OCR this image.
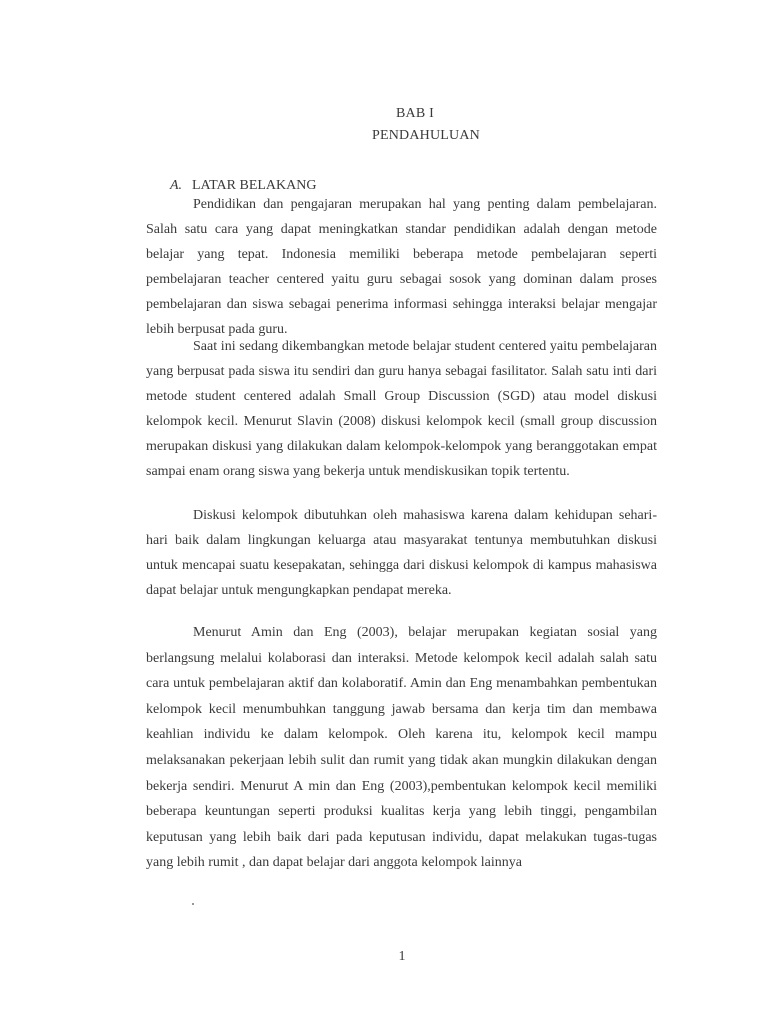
BAB I
PENDAHULUAN
A. LATAR BELAKANG

Pendidikan dan pengajaran merupakan hal yang penting dalam pembelajaran. Salah satu cara yang dapat meningkatkan standar pendidikan adalah dengan metode belajar yang tepat. Indonesia memiliki beberapa metode pembelajaran seperti pembelajaran teacher centered yaitu guru sebagai sosok yang dominan dalam proses pembelajaran dan siswa sebagai penerima informasi sehingga interaksi belajar mengajar lebih berpusat pada guru.

Saat ini sedang dikembangkan metode belajar student centered yaitu pembelajaran yang berpusat pada siswa itu sendiri dan guru hanya sebagai fasilitator. Salah satu inti dari metode student centered adalah Small Group Discussion (SGD) atau model diskusi kelompok kecil. Menurut Slavin (2008) diskusi kelompok kecil (small group discussion merupakan diskusi yang dilakukan dalam kelompok-kelompok yang beranggotakan empat sampai enam orang siswa yang bekerja untuk mendiskusikan topik tertentu.

Diskusi kelompok dibutuhkan oleh mahasiswa karena dalam kehidupan sehari-hari baik dalam lingkungan keluarga atau masyarakat tentunya membutuhkan diskusi untuk mencapai suatu kesepakatan, sehingga dari diskusi kelompok di kampus mahasiswa dapat belajar untuk mengungkapkan pendapat mereka.

Menurut Amin dan Eng (2003), belajar merupakan kegiatan sosial yang berlangsung melalui kolaborasi dan interaksi. Metode kelompok kecil adalah salah satu cara untuk pembelajaran aktif dan kolaboratif. Amin dan Eng menambahkan pembentukan kelompok kecil menumbuhkan tanggung jawab bersama dan kerja tim dan membawa keahlian individu ke dalam kelompok. Oleh karena itu, kelompok kecil mampu melaksanakan pekerjaan lebih sulit dan rumit yang tidak akan mungkin dilakukan dengan bekerja sendiri. Menurut A min dan Eng (2003),pembentukan kelompok kecil memiliki beberapa keuntungan seperti produksi kualitas kerja yang lebih tinggi, pengambilan keputusan yang lebih baik dari pada keputusan individu, dapat melakukan tugas-tugas yang lebih rumit , dan dapat belajar dari anggota kelompok lainnya

1
